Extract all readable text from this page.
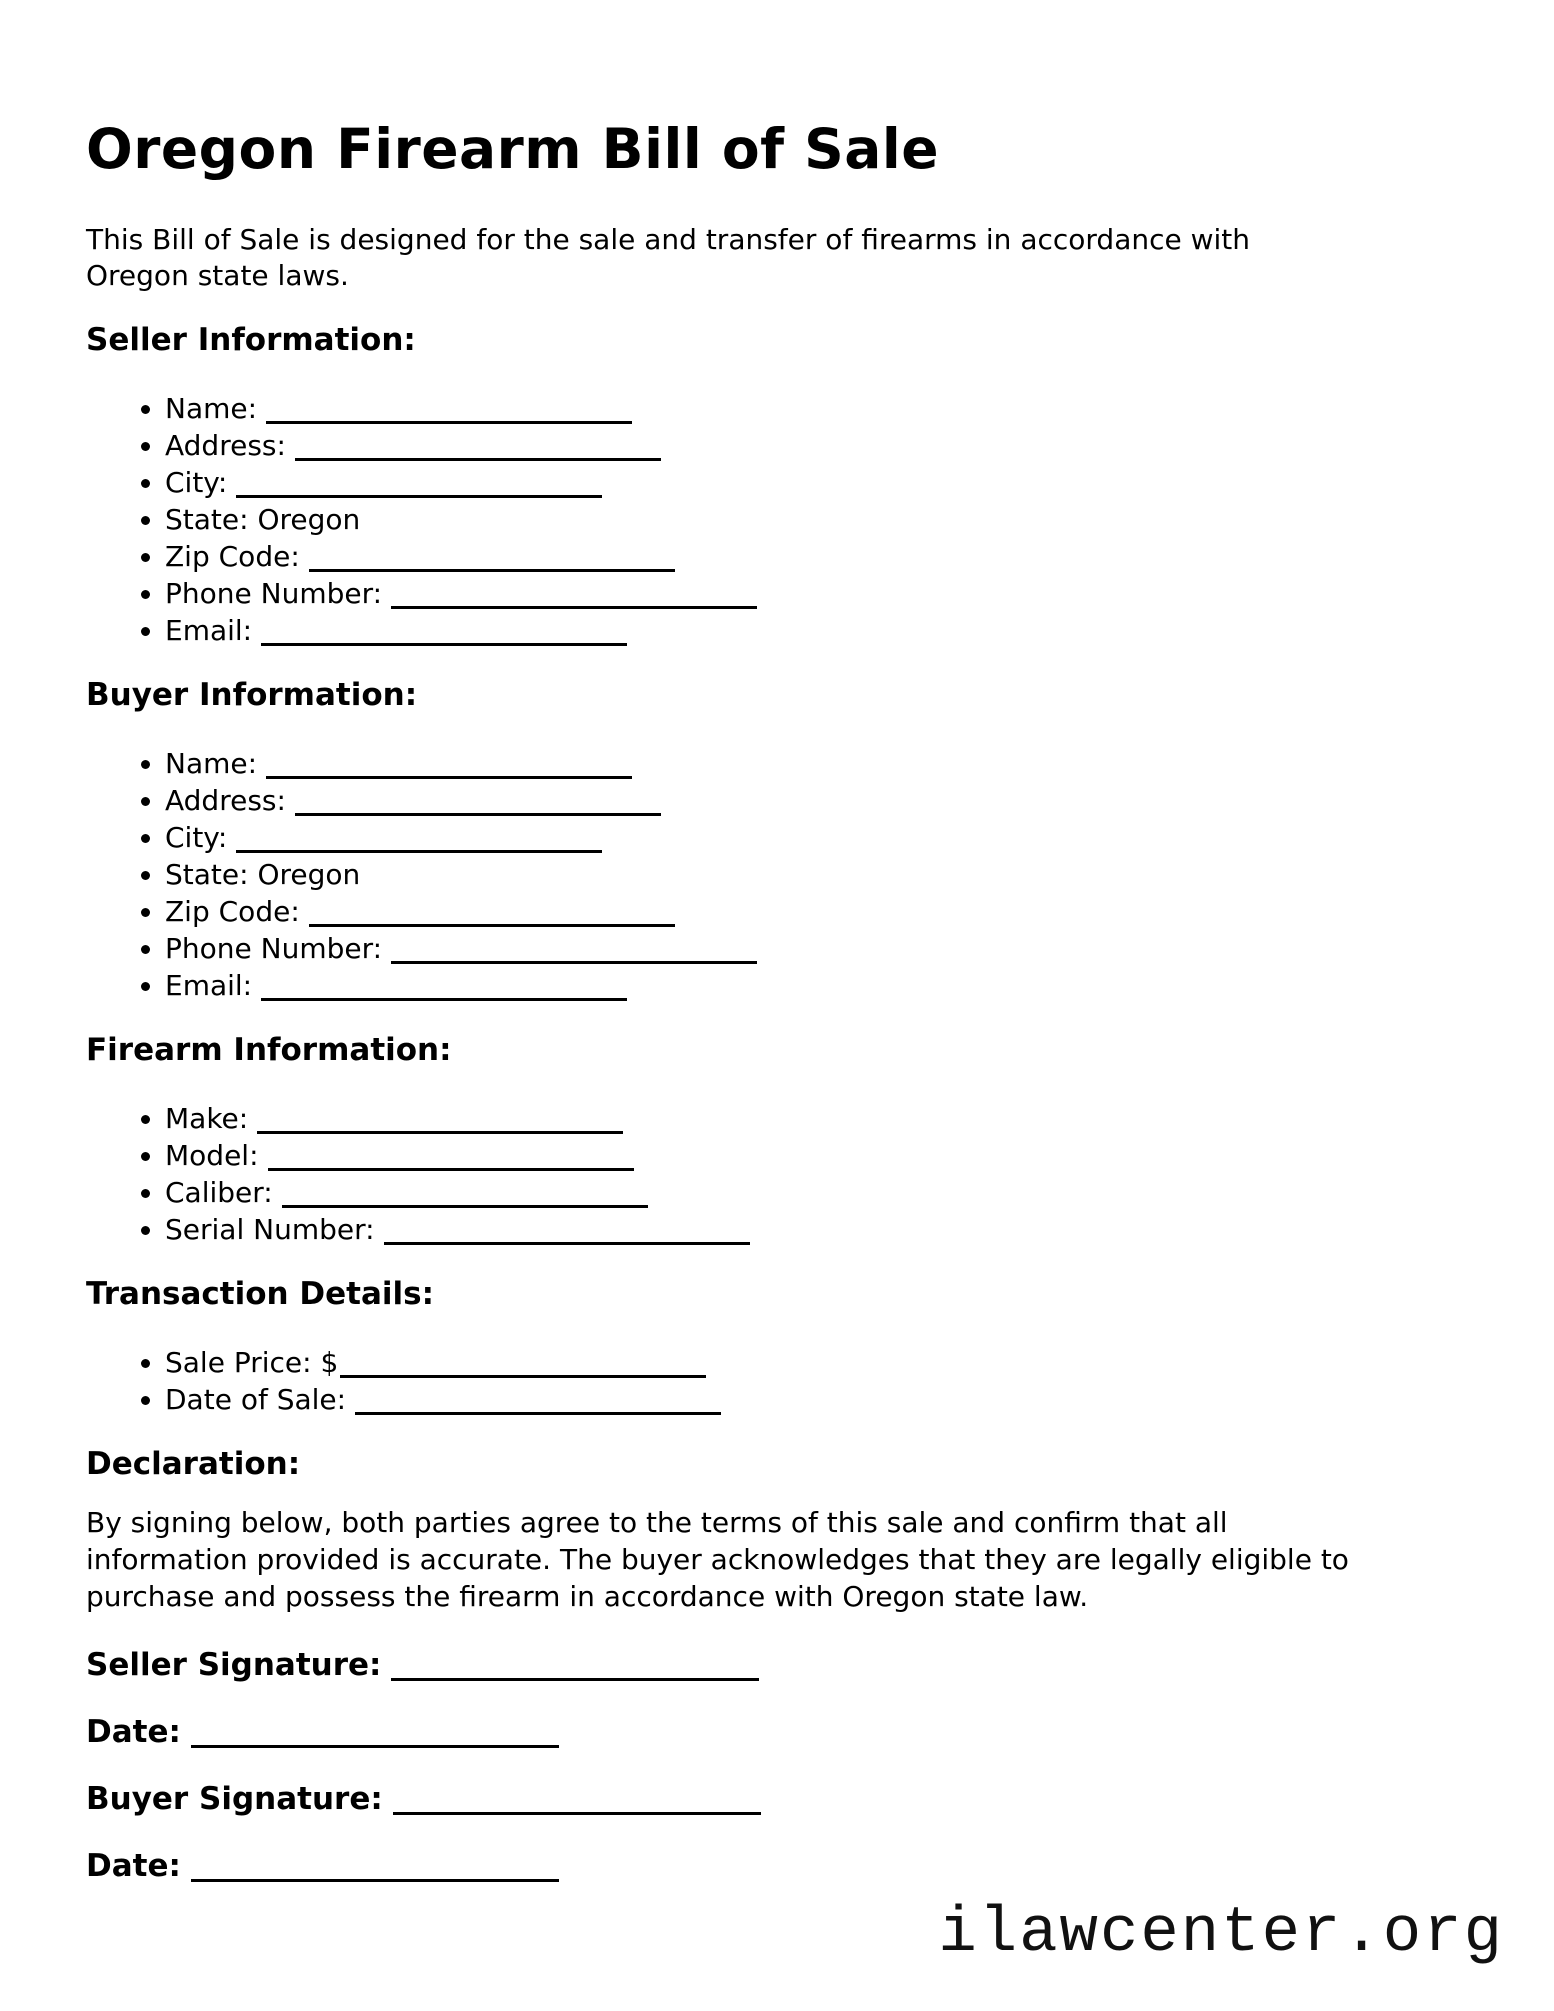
Oregon Firearm Bill of Sale
This Bill of Sale is designed for the sale and transfer of firearms in accordance with
Oregon state laws.
Seller Information:
• Name:
• Address:
• City:
• State: Oregon
• Zip Code:
• Phone Number:
• Email:
Buyer Information:
• Name:
• Address:
• City:
• State: Oregon
• Zip Code:
• Phone Number:
• Email:
Firearm Information:
• Make:
• Model:
• Caliber:
• Serial Number:
Transaction Details:
• Sale Price: $
• Date of Sale:
Declaration:
By signing below, both parties agree to the terms of this sale and confirm that all
information provided is accurate. The buyer acknowledges that they are legally eligible to
purchase and possess the firearm in accordance with Oregon state law.
Seller Signature:
Date:
Buyer Signature:
Date:
ilawcenter.org
